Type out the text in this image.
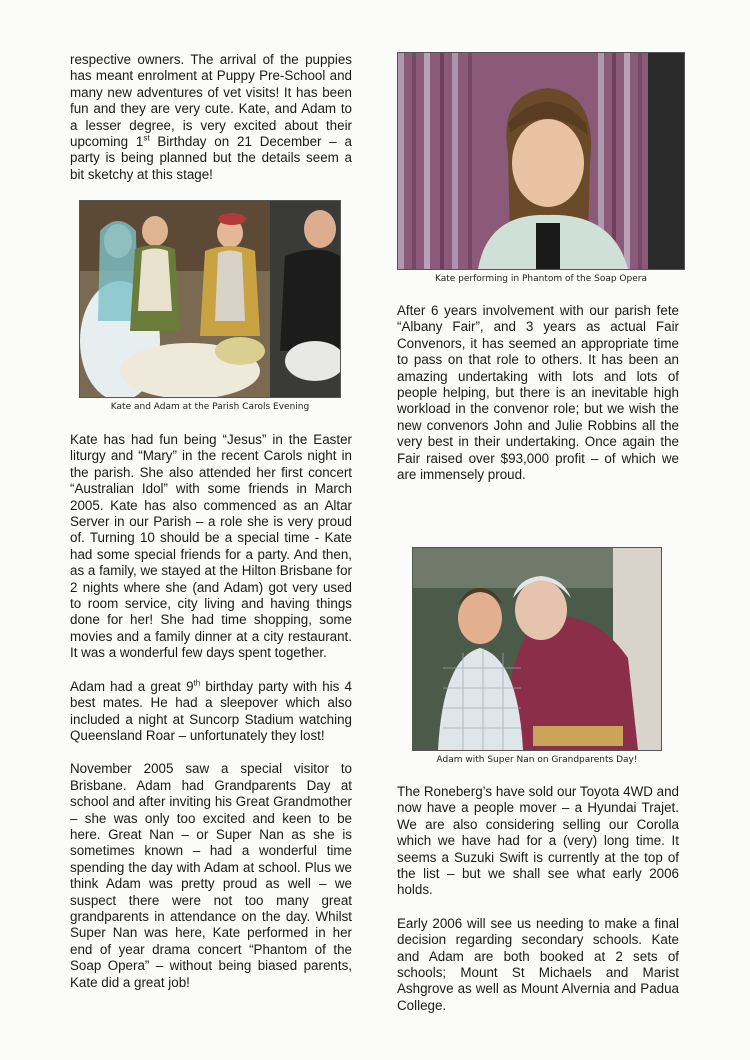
respective owners. The arrival of the puppies has meant enrolment at Puppy Pre-School and many new adventures of vet visits! It has been fun and they are very cute. Kate, and Adam to a lesser degree, is very excited about their upcoming 1st Birthday on 21 December – a party is being planned but the details seem a bit sketchy at this stage!

Kate and Adam at the Parish Carols Evening

Kate has had fun being “Jesus” in the Easter liturgy and “Mary” in the recent Carols night in the parish. She also attended her first concert “Australian Idol” with some friends in March 2005. Kate has also commenced as an Altar Server in our Parish – a role she is very proud of. Turning 10 should be a special time - Kate had some special friends for a party. And then, as a family, we stayed at the Hilton Brisbane for 2 nights where she (and Adam) got very used to room service, city living and having things done for her! She had time shopping, some movies and a family dinner at a city restaurant. It was a wonderful few days spent together.

Adam had a great 9th birthday party with his 4 best mates. He had a sleepover which also included a night at Suncorp Stadium watching Queensland Roar – unfortunately they lost!

November 2005 saw a special visitor to Brisbane. Adam had Grandparents Day at school and after inviting his Great Grandmother – she was only too excited and keen to be here. Great Nan – or Super Nan as she is sometimes known – had a wonderful time spending the day with Adam at school. Plus we think Adam was pretty proud as well – we suspect there were not too many great grandparents in attendance on the day. Whilst Super Nan was here, Kate performed in her end of year drama concert “Phantom of the Soap Opera” – without being biased parents, Kate did a great job!

Kate performing in Phantom of the Soap Opera

After 6 years involvement with our parish fete “Albany Fair”, and 3 years as actual Fair Convenors, it has seemed an appropriate time to pass on that role to others. It has been an amazing undertaking with lots and lots of people helping, but there is an inevitable high workload in the convenor role; but we wish the new convenors John and Julie Robbins all the very best in their undertaking. Once again the Fair raised over $93,000 profit – of which we are immensely proud.

Adam with Super Nan on Grandparents Day!

The Roneberg’s have sold our Toyota 4WD and now have a people mover – a Hyundai Trajet. We are also considering selling our Corolla which we have had for a (very) long time. It seems a Suzuki Swift is currently at the top of the list – but we shall see what early 2006 holds.

Early 2006 will see us needing to make a final decision regarding secondary schools. Kate and Adam are both booked at 2 sets of schools; Mount St Michaels and Marist Ashgrove as well as Mount Alvernia and Padua College.
